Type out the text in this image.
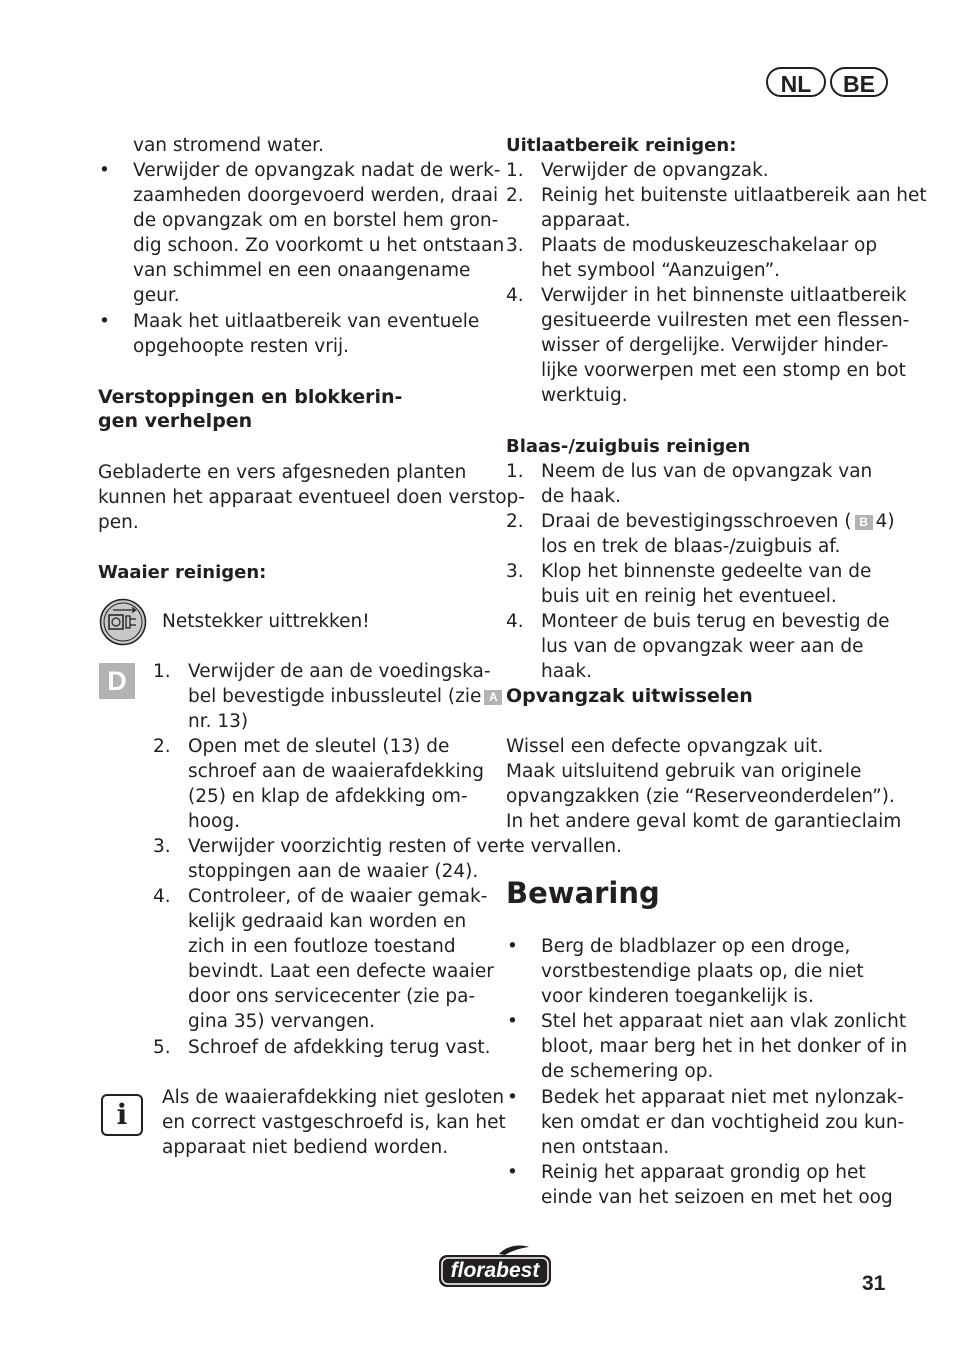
NL	BE
van stromend water.
• Verwijder de opvangzak nadat de werk-
zaamheden doorgevoerd werden, draai
de opvangzak om en borstel hem gron-
dig schoon. Zo voorkomt u het ontstaan
van schimmel en een onaangename
geur.
• Maak het uitlaatbereik van eventuele
opgehoopte resten vrij.
Verstoppingen en blokkerin-
gen verhelpen
Gebladerte en vers afgesneden planten
kunnen het apparaat eventueel doen verstop-
pen.
Waaier reinigen:
Netstekker uittrekken!
D	1. Verwijder de aan de voedingska-
bel bevestigde inbussleutel (zie A
nr. 13)
2. Open met de sleutel (13) de
schroef aan de waaierafdekking
(25) en klap de afdekking om-
hoog.
3. Verwijder voorzichtig resten of ver-
stoppingen aan de waaier (24).
4. Controleer, of de waaier gemak-
kelijk gedraaid kan worden en
zich in een foutloze toestand
bevindt. Laat een defecte waaier
door ons servicecenter (zie pa-
gina 35) vervangen.
5. Schroef de afdekking terug vast.
i
Als de waaierafdekking niet gesloten
en correct vastgeschroefd is, kan het
apparaat niet bediend worden.
Uitlaatbereik reinigen:
1. Verwijder de opvangzak.
2. Reinig het buitenste uitlaatbereik aan het
apparaat.
3. Plaats de moduskeuzeschakelaar op
het symbool “Aanzuigen”.
4. Verwijder in het binnenste uitlaatbereik
gesitueerde vuilresten met een flessen-
wisser of dergelijke. Verwijder hinder-
lijke voorwerpen met een stomp en bot
werktuig.
Blaas-/zuigbuis reinigen
1. Neem de lus van de opvangzak van
de haak.
2. Draai de bevestigingsschroeven ( B 4)
los en trek de blaas-/zuigbuis af.
3. Klop het binnenste gedeelte van de
buis uit en reinig het eventueel.
4. Monteer de buis terug en bevestig de
lus van de opvangzak weer aan de
haak.
Opvangzak uitwisselen
Wissel een defecte opvangzak uit.
Maak uitsluitend gebruik van originele
opvangzakken (zie “Reserveonderdelen”).
In het andere geval komt de garantieclaim
te vervallen.
Bewaring
• Berg de bladblazer op een droge,
vorstbestendige plaats op, die niet
voor kinderen toegankelijk is.
• Stel het apparaat niet aan vlak zonlicht
bloot, maar berg het in het donker of in
de schemering op.
• Bedek het apparaat niet met nylonzak-
ken omdat er dan vochtigheid zou kun-
nen ontstaan.
• Reinig het apparaat grondig op het
einde van het seizoen en met het oog
florabest
31
